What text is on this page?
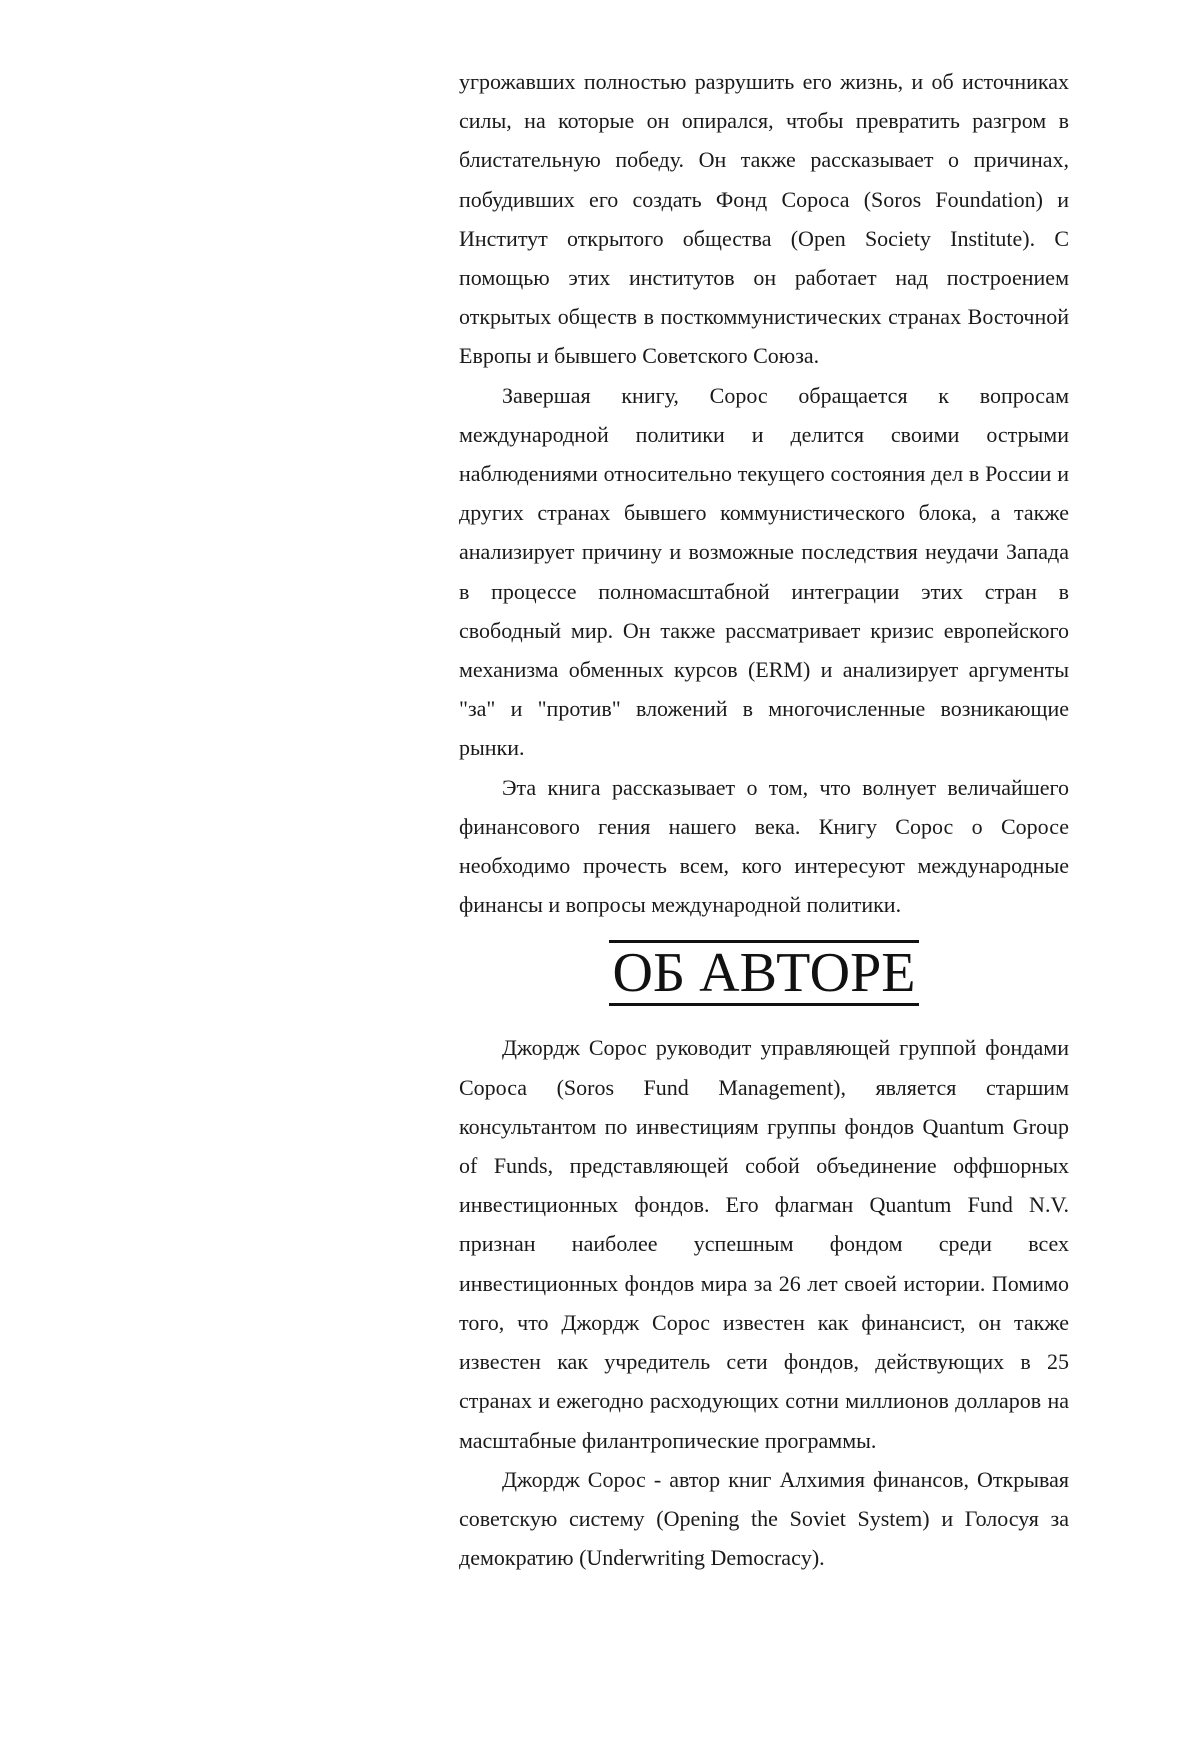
угрожавших полностью разрушить его жизнь, и об источниках силы, на которые он опирался, чтобы превратить разгром в блистательную победу. Он также рассказывает о причинах, побудивших его создать Фонд Сороса (Soros Foundation) и Институт открытого общества (Open Society Institute). С помощью этих институтов он работает над построением открытых обществ в посткоммунистических странах Восточной Европы и бывшего Советского Союза.

Завершая книгу, Сорос обращается к вопросам международной политики и делится своими острыми наблюдениями относительно текущего состояния дел в России и других странах бывшего коммунистического блока, а также анализирует причину и возможные последствия неудачи Запада в процессе полномасштабной интеграции этих стран в свободный мир. Он также рассматривает кризис европейского механизма обменных курсов (ERM) и анализирует аргументы "за" и "против" вложений в многочисленные возникающие рынки.

Эта книга рассказывает о том, что волнует величайшего финансового гения нашего века. Книгу Сорос о Соросе необходимо прочесть всем, кого интересуют международные финансы и вопросы международной политики.

ОБ АВТОРЕ

Джордж Сорос руководит управляющей группой фондами Сороса (Soros Fund Management), является старшим консультантом по инвестициям группы фондов Quantum Group of Funds, представляющей собой объединение оффшорных инвестиционных фондов. Его флагман Quantum Fund N.V. признан наиболее успешным фондом среди всех инвестиционных фондов мира за 26 лет своей истории. Помимо того, что Джордж Сорос известен как финансист, он также известен как учредитель сети фондов, действующих в 25 странах и ежегодно расходующих сотни миллионов долларов на масштабные филантропические программы.

Джордж Сорос - автор книг Алхимия финансов, Открывая советскую систему (Opening the Soviet System) и Голосуя за демократию (Underwriting Democracy).
